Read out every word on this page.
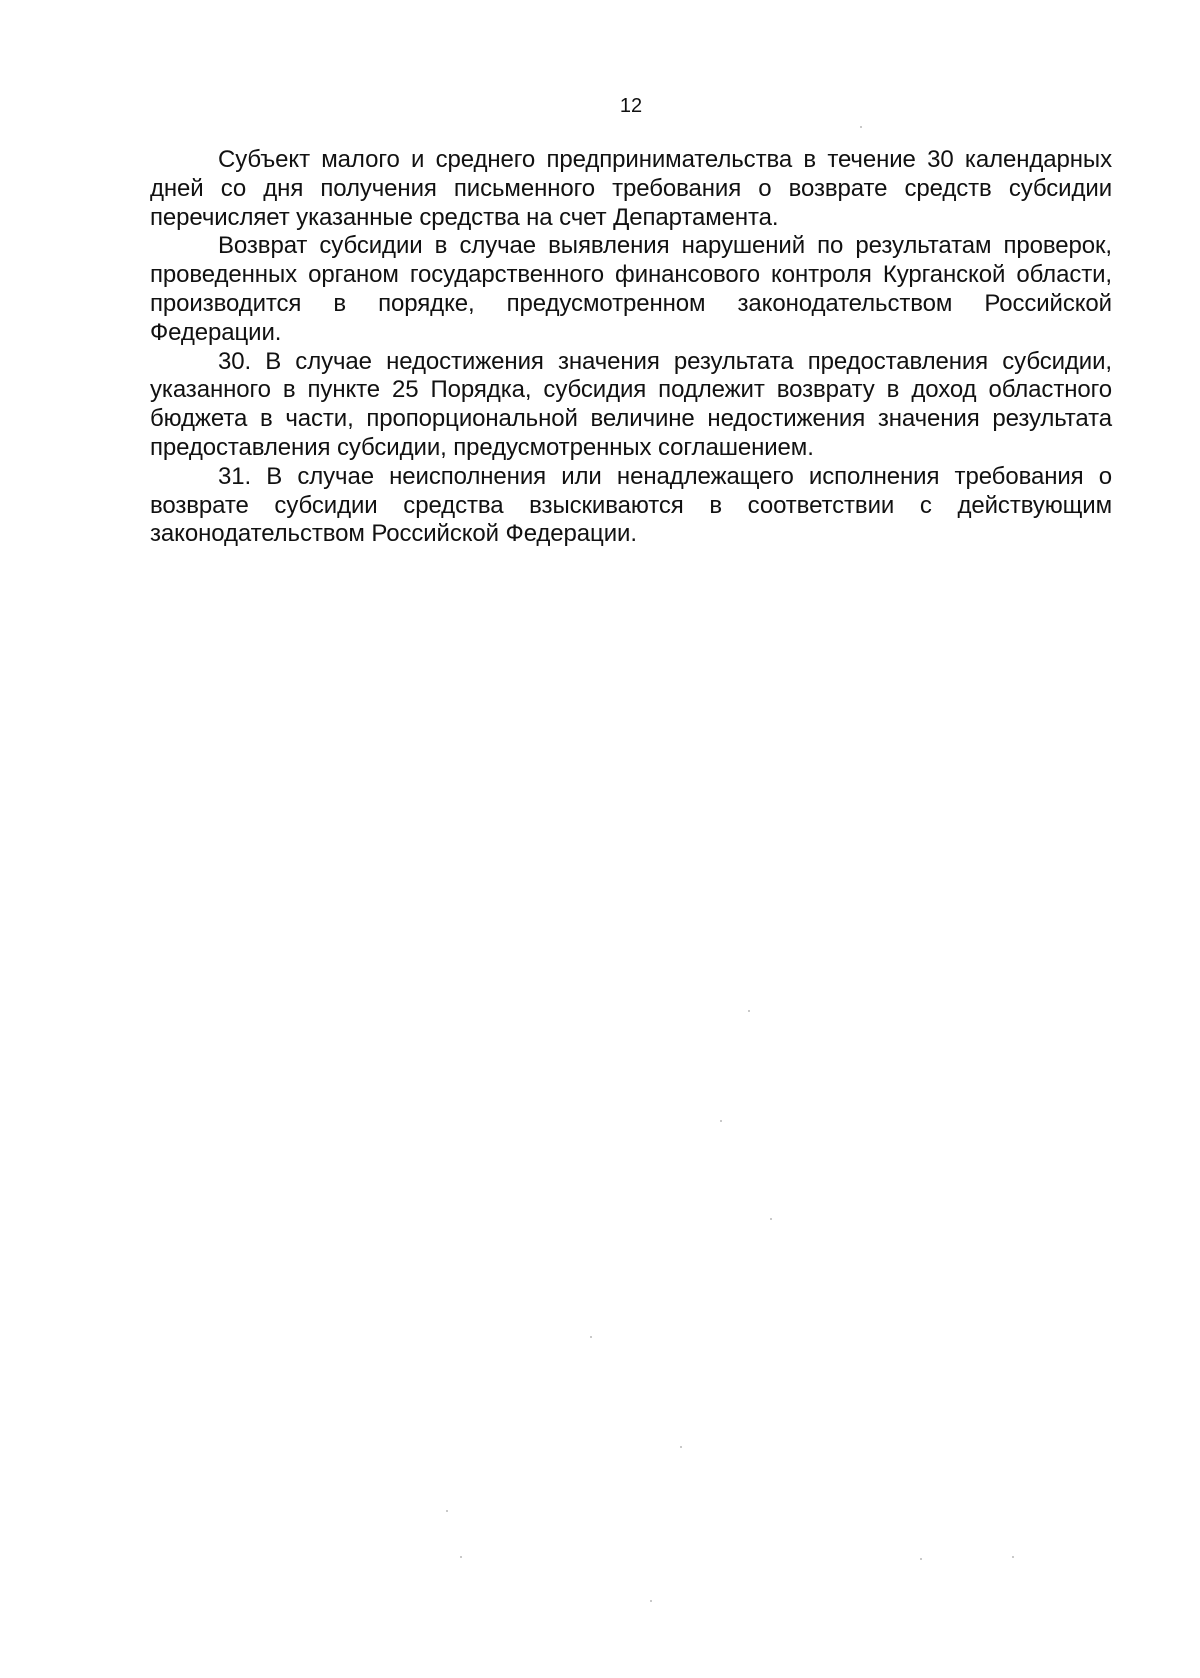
12

Субъект малого и среднего предпринимательства в течение 30 календарных дней со дня получения письменного требования о возврате средств субсидии перечисляет указанные средства на счет Департамента.

Возврат субсидии в случае выявления нарушений по результатам проверок, проведенных органом государственного финансового контроля Курганской области, производится в порядке, предусмотренном законодательством Российской Федерации.

30. В случае недостижения значения результата предоставления субсидии, указанного в пункте 25 Порядка, субсидия подлежит возврату в доход областного бюджета в части, пропорциональной величине недостижения значения результата предоставления субсидии, предусмотренных соглашением.

31. В случае неисполнения или ненадлежащего исполнения требования о возврате субсидии средства взыскиваются в соответствии с действующим законодательством Российской Федерации.
